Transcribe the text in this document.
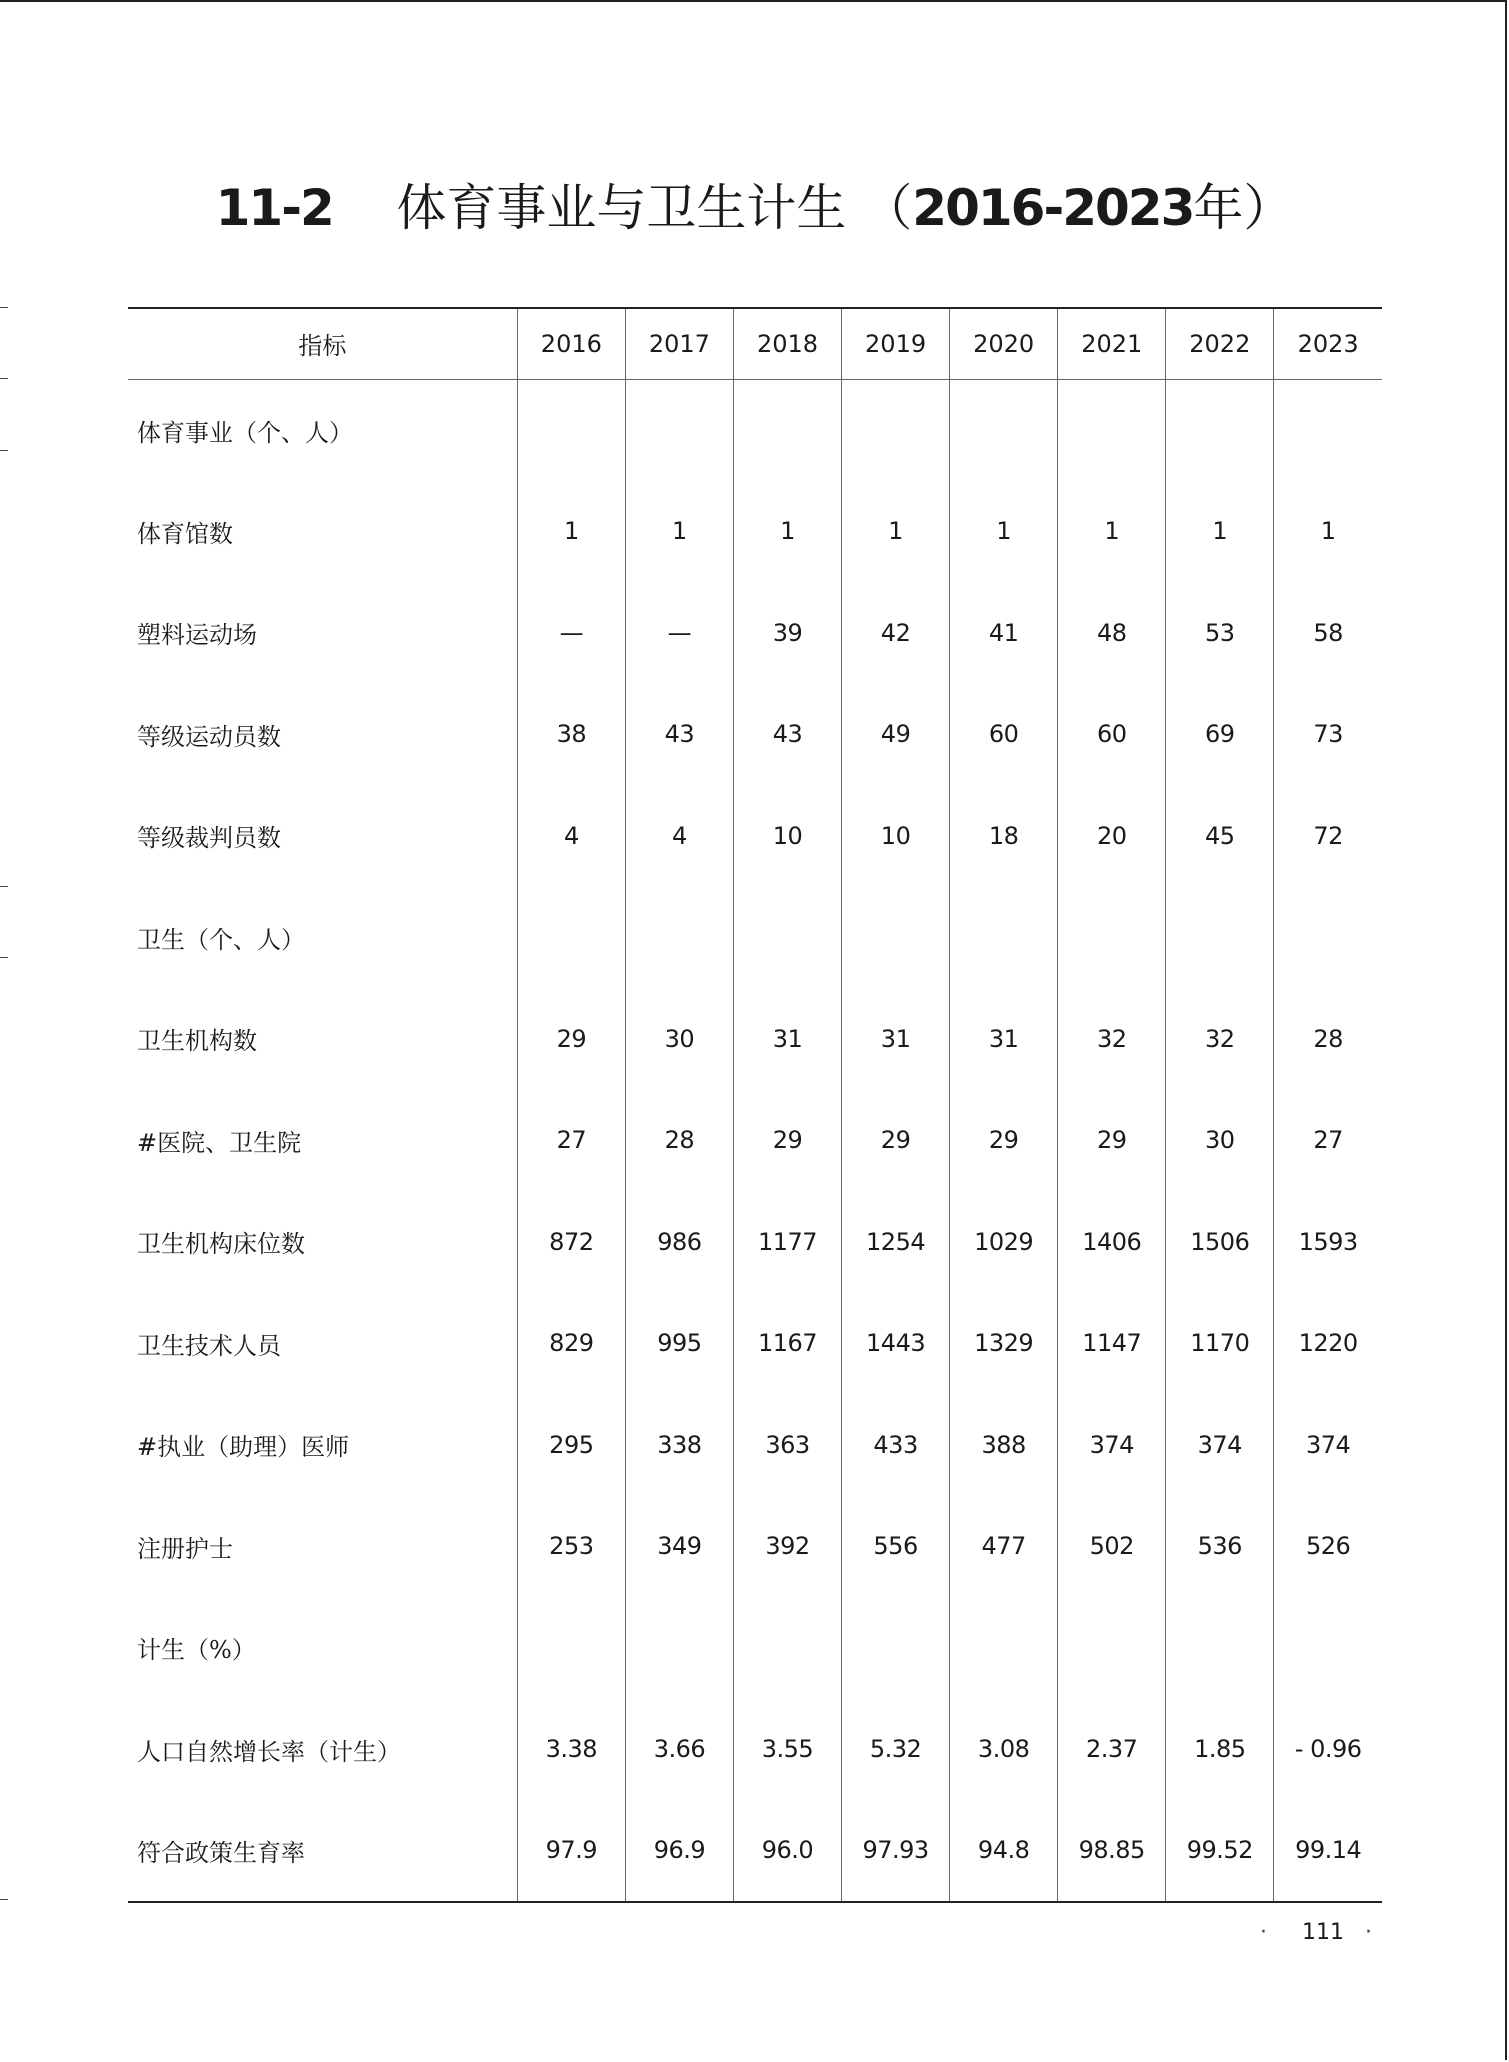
11-2 体育事业与卫生计生 （2016-2023年）
指标	2016	2017	2018	2019	2020	2021	2022	2023
体育事业（个、人）								
体育馆数	1	1	1	1	1	1	1	1
塑料运动场	—	—	39	42	41	48	53	58
等级运动员数	38	43	43	49	60	60	69	73
等级裁判员数	4	4	10	10	18	20	45	72
卫生（个、人）								
卫生机构数	29	30	31	31	31	32	32	28
#医院、卫生院	27	28	29	29	29	29	30	27
卫生机构床位数	872	986	1177	1254	1029	1406	1506	1593
卫生技术人员	829	995	1167	1443	1329	1147	1170	1220
#执业（助理）医师	295	338	363	433	388	374	374	374
注册护士	253	349	392	556	477	502	536	526
计生（%）								
人口自然增长率（计生）	3.38	3.66	3.55	5.32	3.08	2.37	1.85	- 0.96
符合政策生育率	97.9	96.9	96.0	97.93	94.8	98.85	99.52	99.14
· 111 ·
